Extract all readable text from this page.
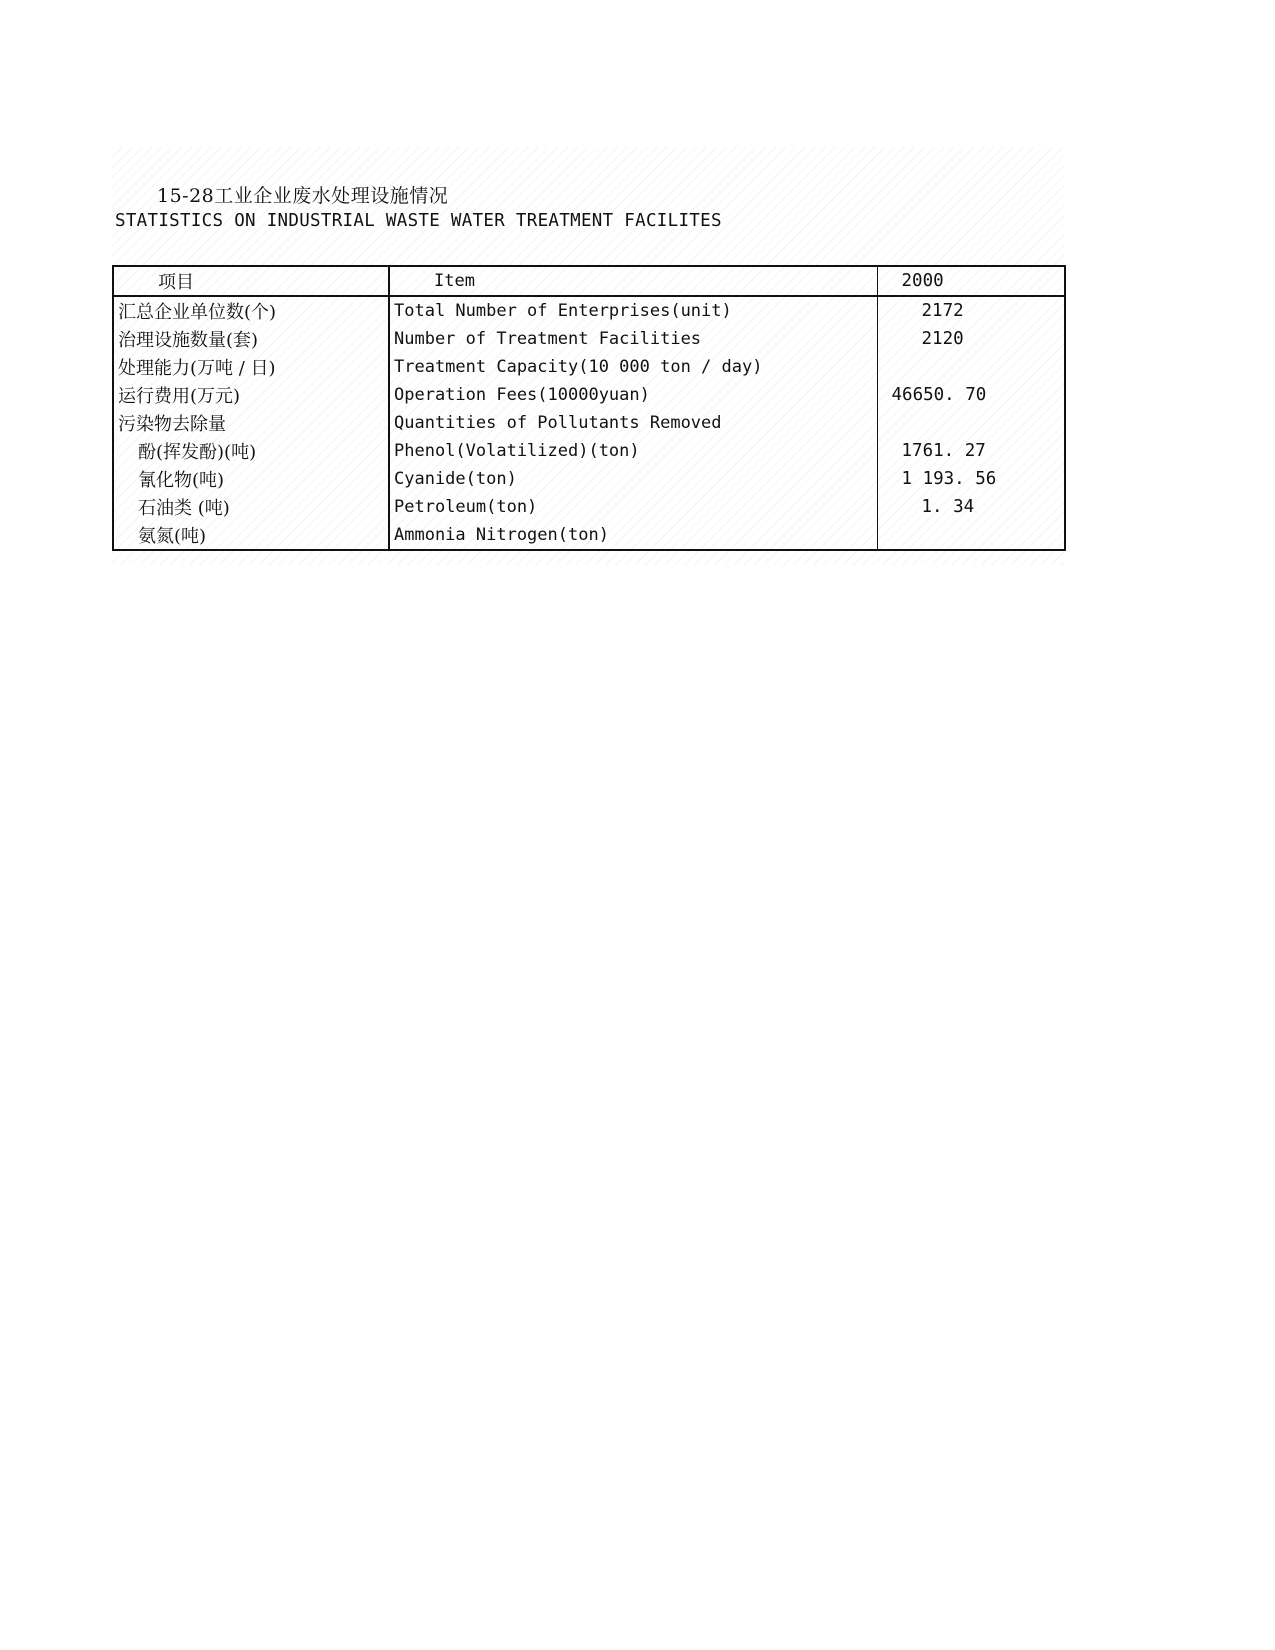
15-28工业企业废水处理设施情况
STATISTICS ON INDUSTRIAL WASTE WATER TREATMENT FACILITES
项目	Item	2000
汇总企业单位数(个)	Total Number of Enterprises(unit)	2172
治理设施数量(套)	Number of Treatment Facilities	2120
处理能力(万吨 / 日)	Treatment Capacity(10 000 ton / day)	
运行费用(万元)	Operation Fees(10000yuan)	46650. 70
污染物去除量	Quantities of Pollutants Removed	
酚(挥发酚)(吨)	Phenol(Volatilized)(ton)	1761. 27
氰化物(吨)	Cyanide(ton)	1 193. 56
石油类 (吨)	Petroleum(ton)	1. 34
氨氮(吨)	Ammonia Nitrogen(ton)	
